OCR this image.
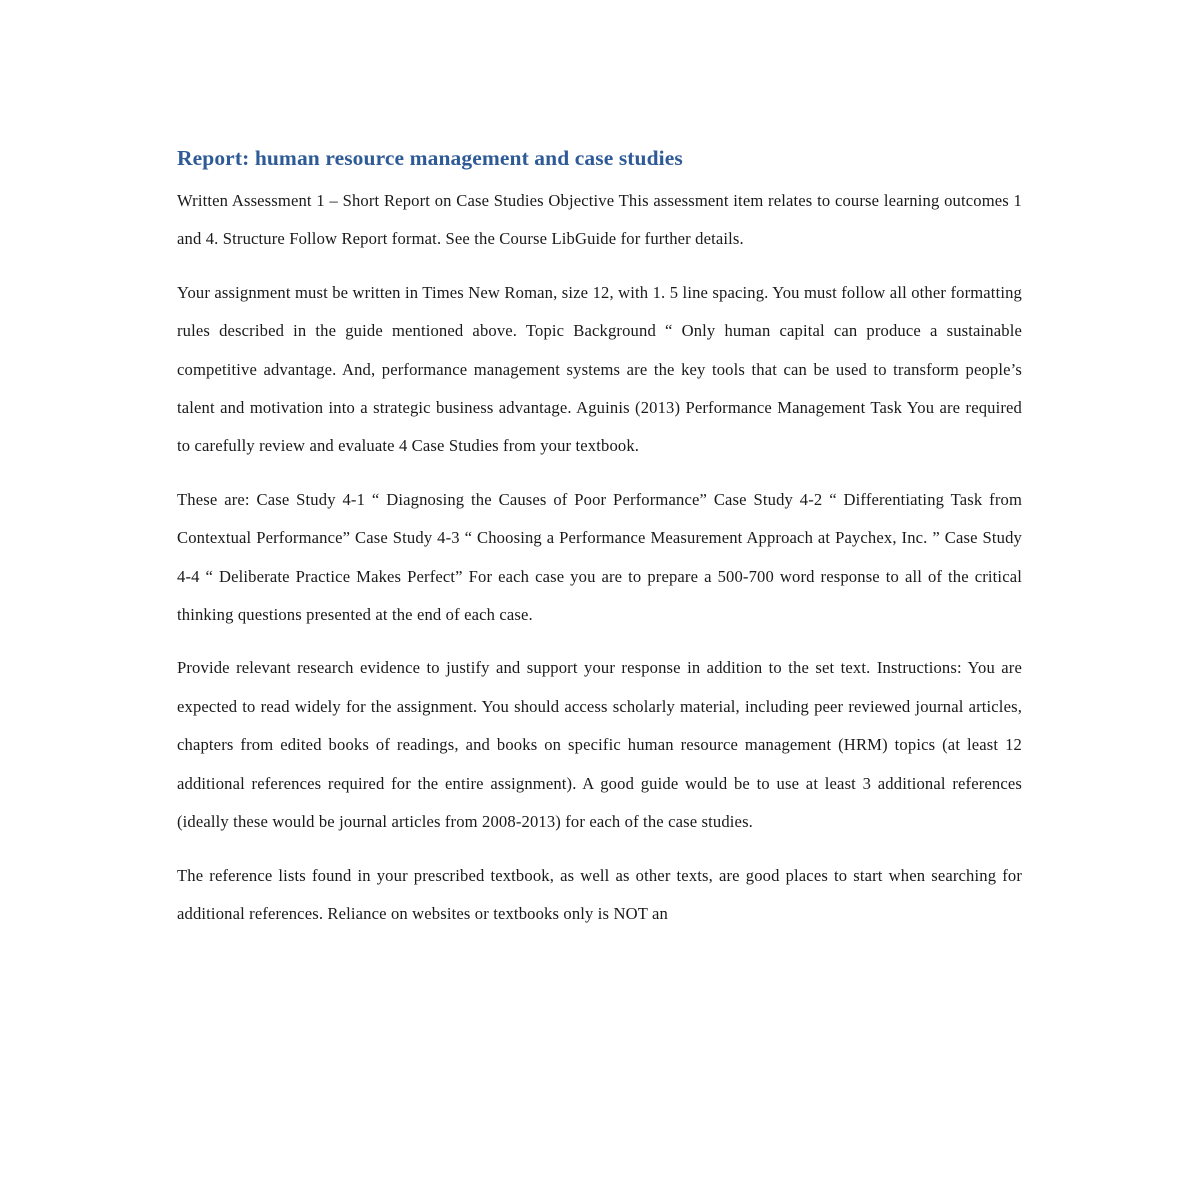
Report: human resource management and case studies

Written Assessment 1 – Short Report on Case Studies Objective This assessment item relates to course learning outcomes 1 and 4. Structure Follow Report format. See the Course LibGuide for further details.

Your assignment must be written in Times New Roman, size 12, with 1. 5 line spacing. You must follow all other formatting rules described in the guide mentioned above. Topic Background “ Only human capital can produce a sustainable competitive advantage. And, performance management systems are the key tools that can be used to transform people’s talent and motivation into a strategic business advantage. Aguinis (2013) Performance Management Task You are required to carefully review and evaluate 4 Case Studies from your textbook.

These are: Case Study 4-1 “ Diagnosing the Causes of Poor Performance” Case Study 4-2 “ Differentiating Task from Contextual Performance” Case Study 4-3 “ Choosing a Performance Measurement Approach at Paychex, Inc. ” Case Study 4-4 “ Deliberate Practice Makes Perfect” For each case you are to prepare a 500-700 word response to all of the critical thinking questions presented at the end of each case.

Provide relevant research evidence to justify and support your response in addition to the set text. Instructions: You are expected to read widely for the assignment. You should access scholarly material, including peer reviewed journal articles, chapters from edited books of readings, and books on specific human resource management (HRM) topics (at least 12 additional references required for the entire assignment). A good guide would be to use at least 3 additional references (ideally these would be journal articles from 2008-2013) for each of the case studies.

The reference lists found in your prescribed textbook, as well as other texts, are good places to start when searching for additional references. Reliance on websites or textbooks only is NOT an
